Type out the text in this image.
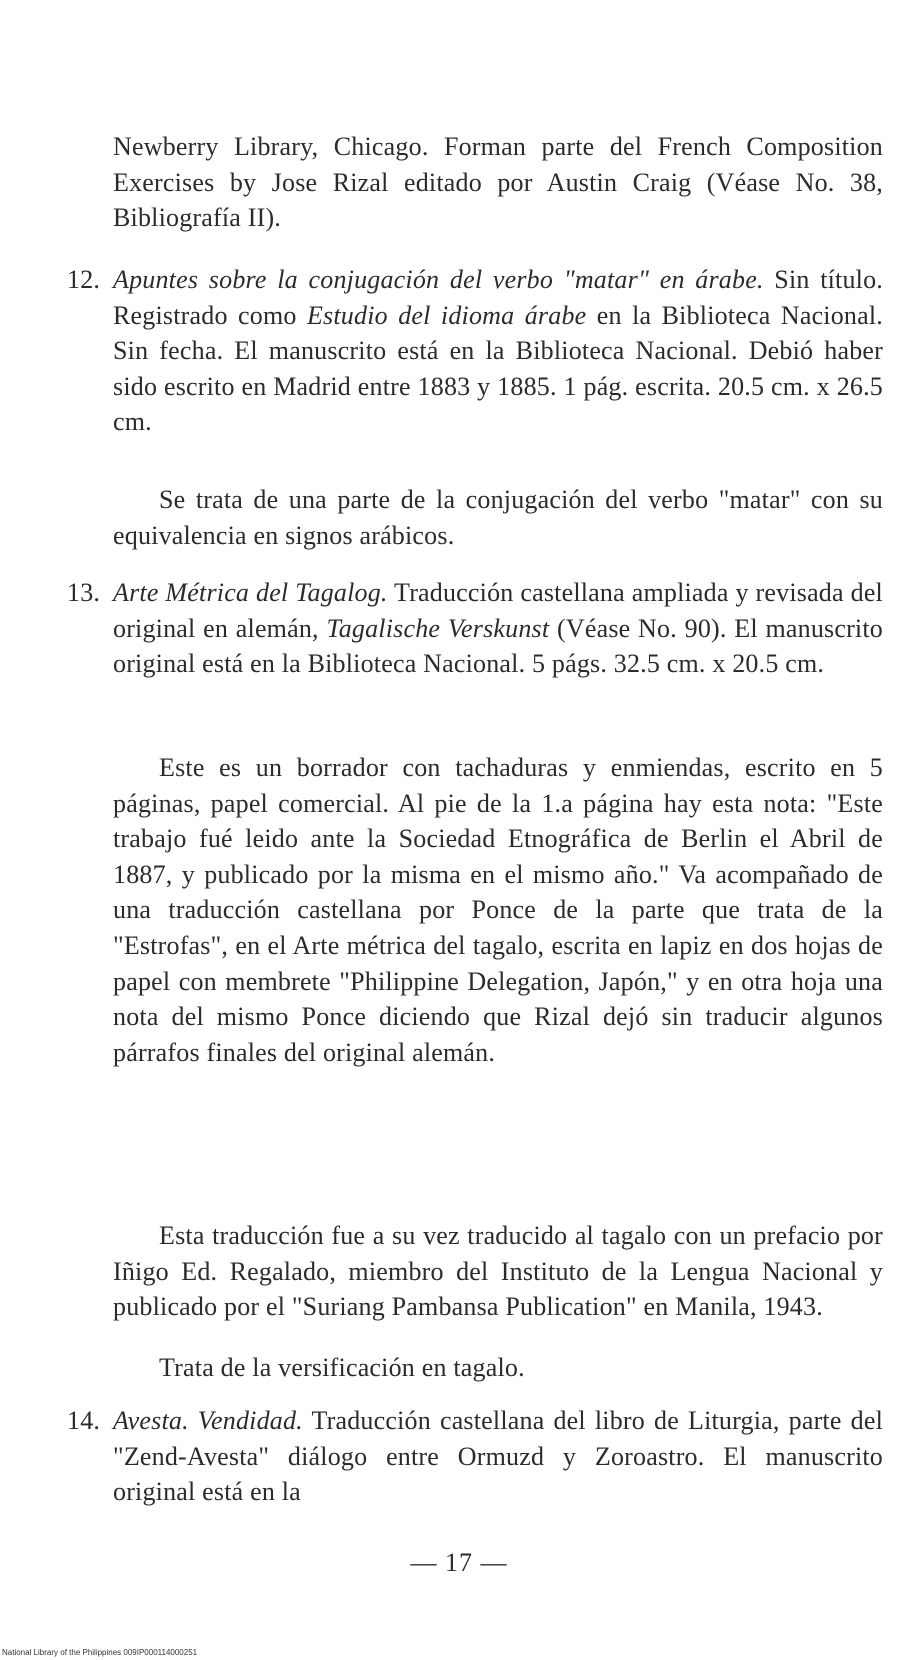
Newberry Library, Chicago. Forman parte del French Composition Exercises by Jose Rizal editado por Austin Craig (Véase No. 38, Bibliografía II).

12. Apuntes sobre la conjugación del verbo "matar" en árabe. Sin título. Registrado como Estudio del idioma árabe en la Biblioteca Nacional. Sin fecha. El manuscrito está en la Biblioteca Nacional. Debió haber sido escrito en Madrid entre 1883 y 1885. 1 pág. escrita. 20.5 cm. x 26.5 cm.

Se trata de una parte de la conjugación del verbo "matar" con su equivalencia en signos arábicos.

13. Arte Métrica del Tagalog. Traducción castellana ampliada y revisada del original en alemán, Tagalische Verskunst (Véase No. 90). El manuscrito original está en la Biblioteca Nacional. 5 págs. 32.5 cm. x 20.5 cm.

Este es un borrador con tachaduras y enmiendas, escrito en 5 páginas, papel comercial. Al pie de la 1.a página hay esta nota: "Este trabajo fué leido ante la Sociedad Etnográfica de Berlin el Abril de 1887, y publicado por la misma en el mismo año." Va acompañado de una traducción castellana por Ponce de la parte que trata de la "Estrofas", en el Arte métrica del tagalo, escrita en lapiz en dos hojas de papel con membrete "Philippine Delegation, Japón," y en otra hoja una nota del mismo Ponce diciendo que Rizal dejó sin traducir algunos párrafos finales del original alemán.

Esta traducción fue a su vez traducido al tagalo con un prefacio por Iñigo Ed. Regalado, miembro del Instituto de la Lengua Nacional y publicado por el "Suriang Pambansa Publication" en Manila, 1943.

Trata de la versificación en tagalo.

14. Avesta. Vendidad. Traducción castellana del libro de Liturgia, parte del "Zend-Avesta" diálogo entre Ormuzd y Zoroastro. El manuscrito original está en la

— 17 —
National Library of the Philippines 009IP000114000251
